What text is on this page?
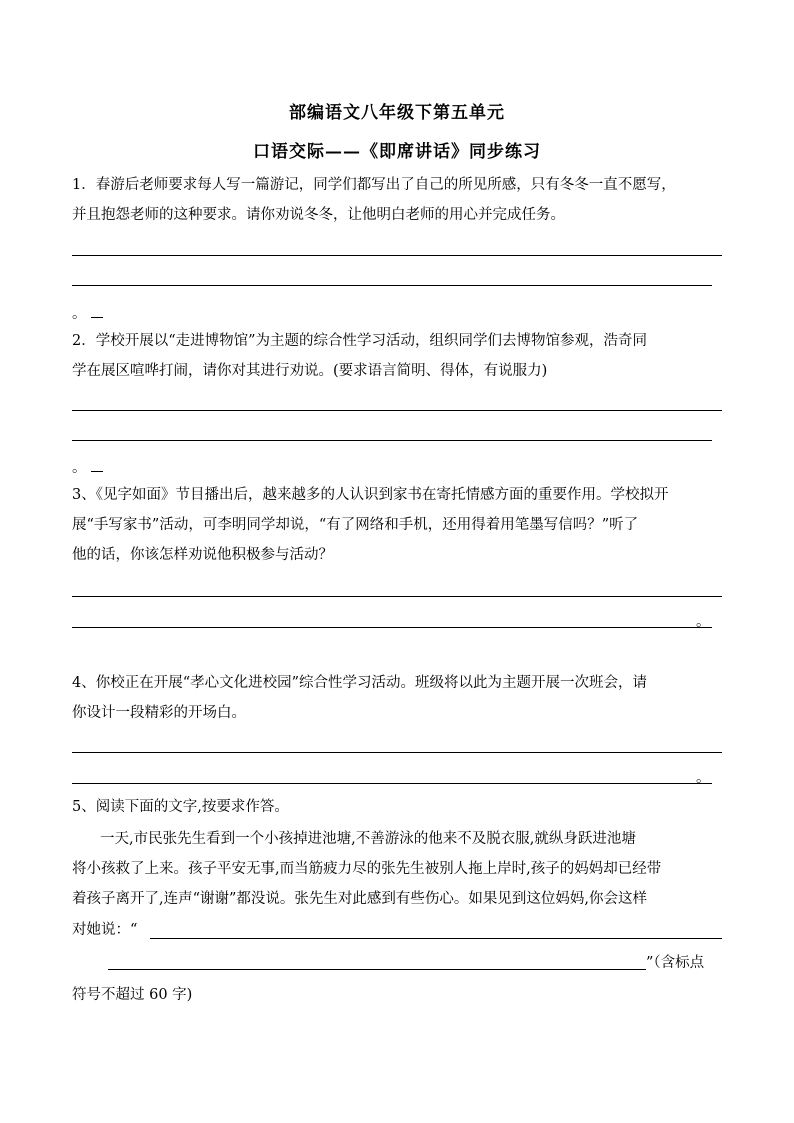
部编语文八年级下第五单元
口语交际——《即席讲话》同步练习
1．春游后老师要求每人写一篇游记，同学们都写出了自己的所见所感，只有冬冬一直不愿写，
并且抱怨老师的这种要求。请你劝说冬冬，让他明白老师的用心并完成任务。
。
2．学校开展以“走进博物馆”为主题的综合性学习活动，组织同学们去博物馆参观，浩奇同
学在展区喧哗打闹，请你对其进行劝说。(要求语言简明、得体，有说服力)
。
3、《见字如面》节目播出后，越来越多的人认识到家书在寄托情感方面的重要作用。学校拟开
展“手写家书”活动，可李明同学却说，“有了网络和手机，还用得着用笔墨写信吗？”听了
他的话，你该怎样劝说他积极参与活动？
。
4、你校正在开展“孝心文化进校园”综合性学习活动。班级将以此为主题开展一次班会，请
你设计一段精彩的开场白。
。
5、阅读下面的文字,按要求作答。
一天,市民张先生看到一个小孩掉进池塘,不善游泳的他来不及脱衣服,就纵身跃进池塘
将小孩救了上来。孩子平安无事,而当筋疲力尽的张先生被别人拖上岸时,孩子的妈妈却已经带
着孩子离开了,连声“谢谢”都没说。张先生对此感到有些伤心。如果见到这位妈妈,你会这样
对她说：“
”（含标点
符号不超过 60 字)
